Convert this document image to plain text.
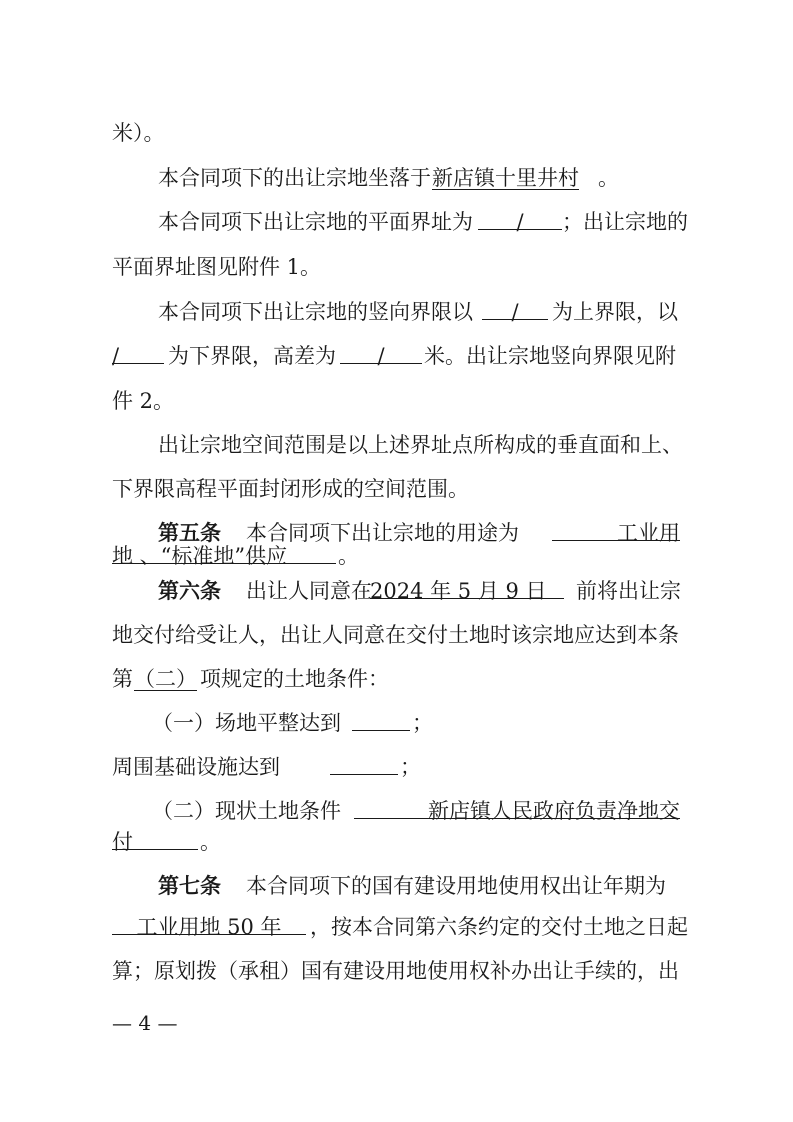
米）。
本合同项下的出让宗地坐落于 新店镇十里井村 。
本合同项下出让宗地的平面界址为	/	；出让宗地的
平面界址图见附件 1。
本合同项下出让宗地的竖向界限以	/	为上界限，以
/	为下界限，高差为	/	米。出让宗地竖向界限见附
件 2。
出让宗地空间范围是以上述界址点所构成的垂直面和上、
下界限高程平面封闭形成的空间范围。
第五条 本合同项下出让宗地的用途为	工业用
地 、“标准地”供应	。
第六条 出让人同意在
2024 年 5 月 9 日	前将出让宗
地交付给受让人，出让人同意在交付土地时该宗地应达到本条
第 （二） 项规定的土地条件：
（一）场地平整达到	；
周围基础设施达到	；
（二）现状土地条件	新店镇人民政府负责净地交
付	。
第七条 本合同项下的国有建设用地使用权出让年期为
工业用地 50 年	，按本合同第六条约定的交付土地之日起
算；原划拨（承租）国有建设用地使用权补办出让手续的，出
— 4 —
